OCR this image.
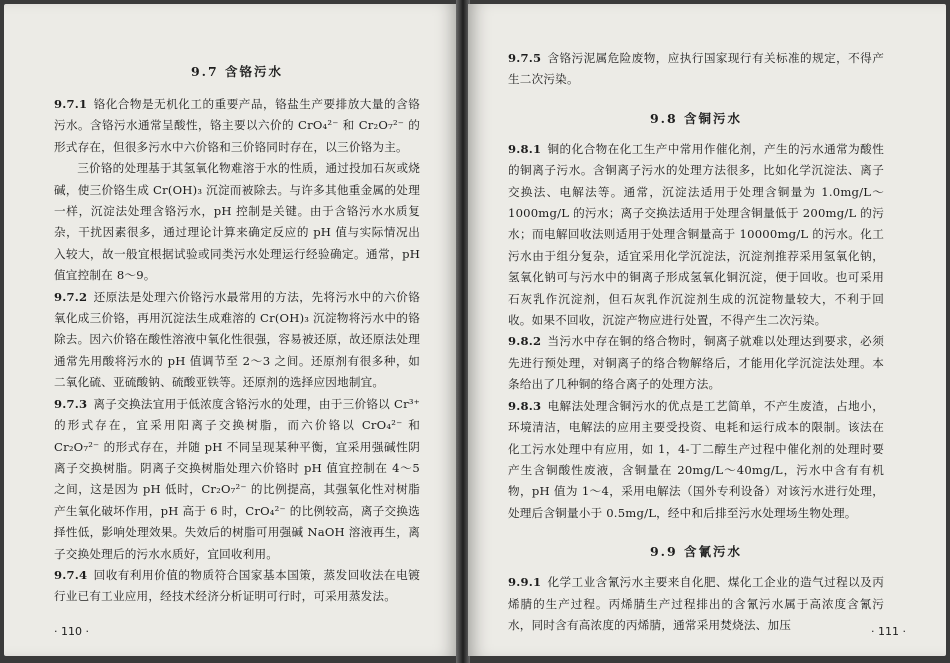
9.7 含铬污水

9.7.1 铬化合物是无机化工的重要产品，铬盐生产要排放大量的含铬污水。含铬污水通常呈酸性，铬主要以六价的 CrO₄²⁻ 和 Cr₂O₇²⁻ 的形式存在，但很多污水中六价铬和三价铬同时存在，以三价铬为主。

三价铬的处理基于其氢氧化物难溶于水的性质，通过投加石灰或烧碱，使三价铬生成 Cr(OH)₃ 沉淀而被除去。与许多其他重金属的处理一样，沉淀法处理含铬污水，pH 控制是关键。由于含铬污水水质复杂，干扰因素很多，通过理论计算来确定反应的 pH 值与实际情况出入较大，故一般宜根据试验或同类污水处理运行经验确定。通常，pH 值宜控制在 8～9。

9.7.2 还原法是处理六价铬污水最常用的方法，先将污水中的六价铬氧化成三价铬，再用沉淀法生成难溶的 Cr(OH)₃ 沉淀物将污水中的铬除去。因六价铬在酸性溶液中氧化性很强，容易被还原，故还原法处理通常先用酸将污水的 pH 值调节至 2～3 之间。还原剂有很多种，如二氧化硫、亚硫酸钠、硫酸亚铁等。还原剂的选择应因地制宜。

9.7.3 离子交换法宜用于低浓度含铬污水的处理，由于三价铬以 Cr³⁺ 的形式存在，宜采用阳离子交换树脂，而六价铬以 CrO₄²⁻ 和 Cr₂O₇²⁻ 的形式存在，并随 pH 不同呈现某种平衡，宜采用强碱性阴离子交换树脂。阴离子交换树脂处理六价铬时 pH 值宜控制在 4～5 之间，这是因为 pH 低时，Cr₂O₇²⁻ 的比例提高，其强氧化性对树脂产生氧化破坏作用，pH 高于 6 时，CrO₄²⁻ 的比例较高，离子交换选择性低，影响处理效果。失效后的树脂可用强碱 NaOH 溶液再生，离子交换处理后的污水水质好，宜回收利用。

9.7.4 回收有利用价值的物质符合国家基本国策，蒸发回收法在电镀行业已有工业应用，经技术经济分析证明可行时，可采用蒸发法。

· 110 ·

9.7.5 含铬污泥属危险废物，应执行国家现行有关标准的规定，不得产生二次污染。

9.8 含铜污水

9.8.1 铜的化合物在化工生产中常用作催化剂，产生的污水通常为酸性的铜离子污水。含铜离子污水的处理方法很多，比如化学沉淀法、离子交换法、电解法等。通常，沉淀法适用于处理含铜量为 1.0mg/L～1000mg/L 的污水；离子交换法适用于处理含铜量低于 200mg/L 的污水；而电解回收法则适用于处理含铜量高于 10000mg/L 的污水。化工污水由于组分复杂，适宜采用化学沉淀法，沉淀剂推荐采用氢氧化钠，氢氧化钠可与污水中的铜离子形成氢氧化铜沉淀，便于回收。也可采用石灰乳作沉淀剂，但石灰乳作沉淀剂生成的沉淀物量较大，不利于回收。如果不回收，沉淀产物应进行处置，不得产生二次污染。

9.8.2 当污水中存在铜的络合物时，铜离子就难以处理达到要求，必须先进行预处理，对铜离子的络合物解络后，才能用化学沉淀法处理。本条给出了几种铜的络合离子的处理方法。

9.8.3 电解法处理含铜污水的优点是工艺简单，不产生废渣，占地小，环境清洁，电解法的应用主要受投资、电耗和运行成本的限制。该法在化工污水处理中有应用，如 1，4-丁二醇生产过程中催化剂的处理时要产生含铜酸性废液，含铜量在 20mg/L～40mg/L，污水中含有有机物，pH 值为 1～4，采用电解法（国外专利设备）对该污水进行处理，处理后含铜量小于 0.5mg/L，经中和后排至污水处理场生物处理。

9.9 含氰污水

9.9.1 化学工业含氰污水主要来自化肥、煤化工企业的造气过程以及丙烯腈的生产过程。丙烯腈生产过程排出的含氰污水属于高浓度含氰污水，同时含有高浓度的丙烯腈，通常采用焚烧法、加压	· 111 ·
